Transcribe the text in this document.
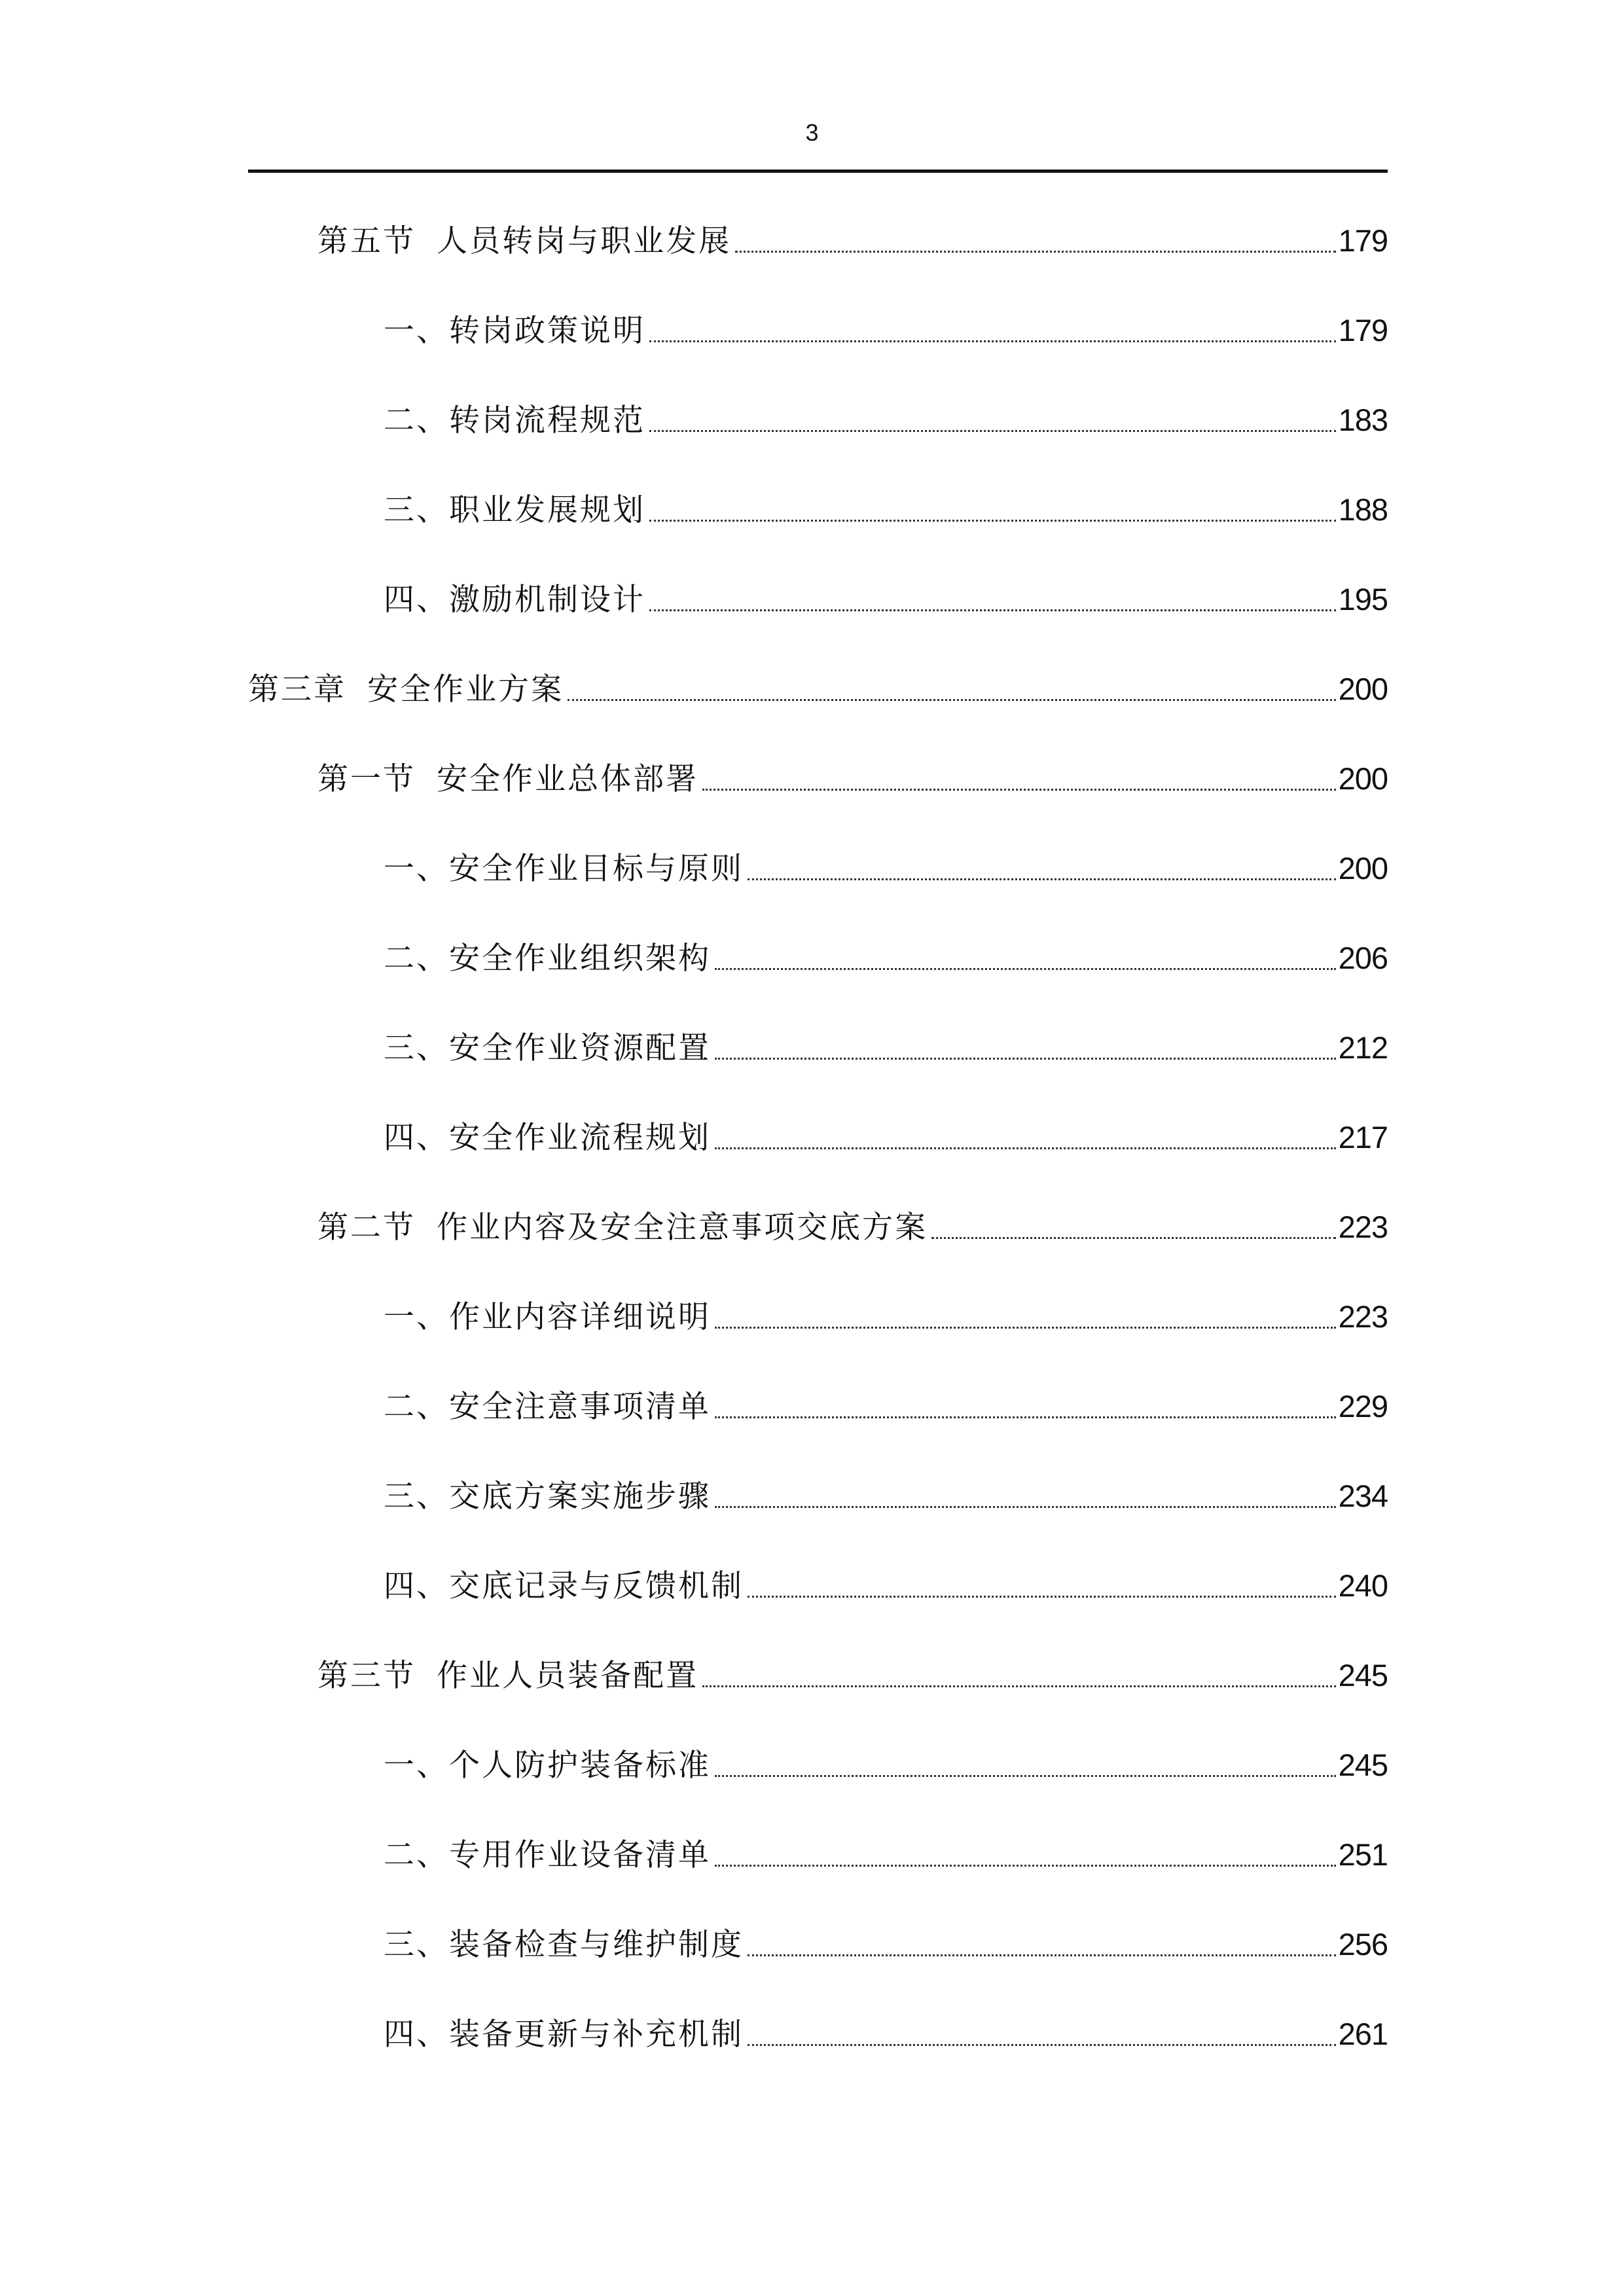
3
第五节  人员转岗与职业发展	179
一、转岗政策说明	179
二、转岗流程规范	183
三、职业发展规划	188
四、激励机制设计	195
第三章  安全作业方案	200
第一节  安全作业总体部署	200
一、安全作业目标与原则	200
二、安全作业组织架构	206
三、安全作业资源配置	212
四、安全作业流程规划	217
第二节  作业内容及安全注意事项交底方案	223
一、作业内容详细说明	223
二、安全注意事项清单	229
三、交底方案实施步骤	234
四、交底记录与反馈机制	240
第三节  作业人员装备配置	245
一、个人防护装备标准	245
二、专用作业设备清单	251
三、装备检查与维护制度	256
四、装备更新与补充机制	261
